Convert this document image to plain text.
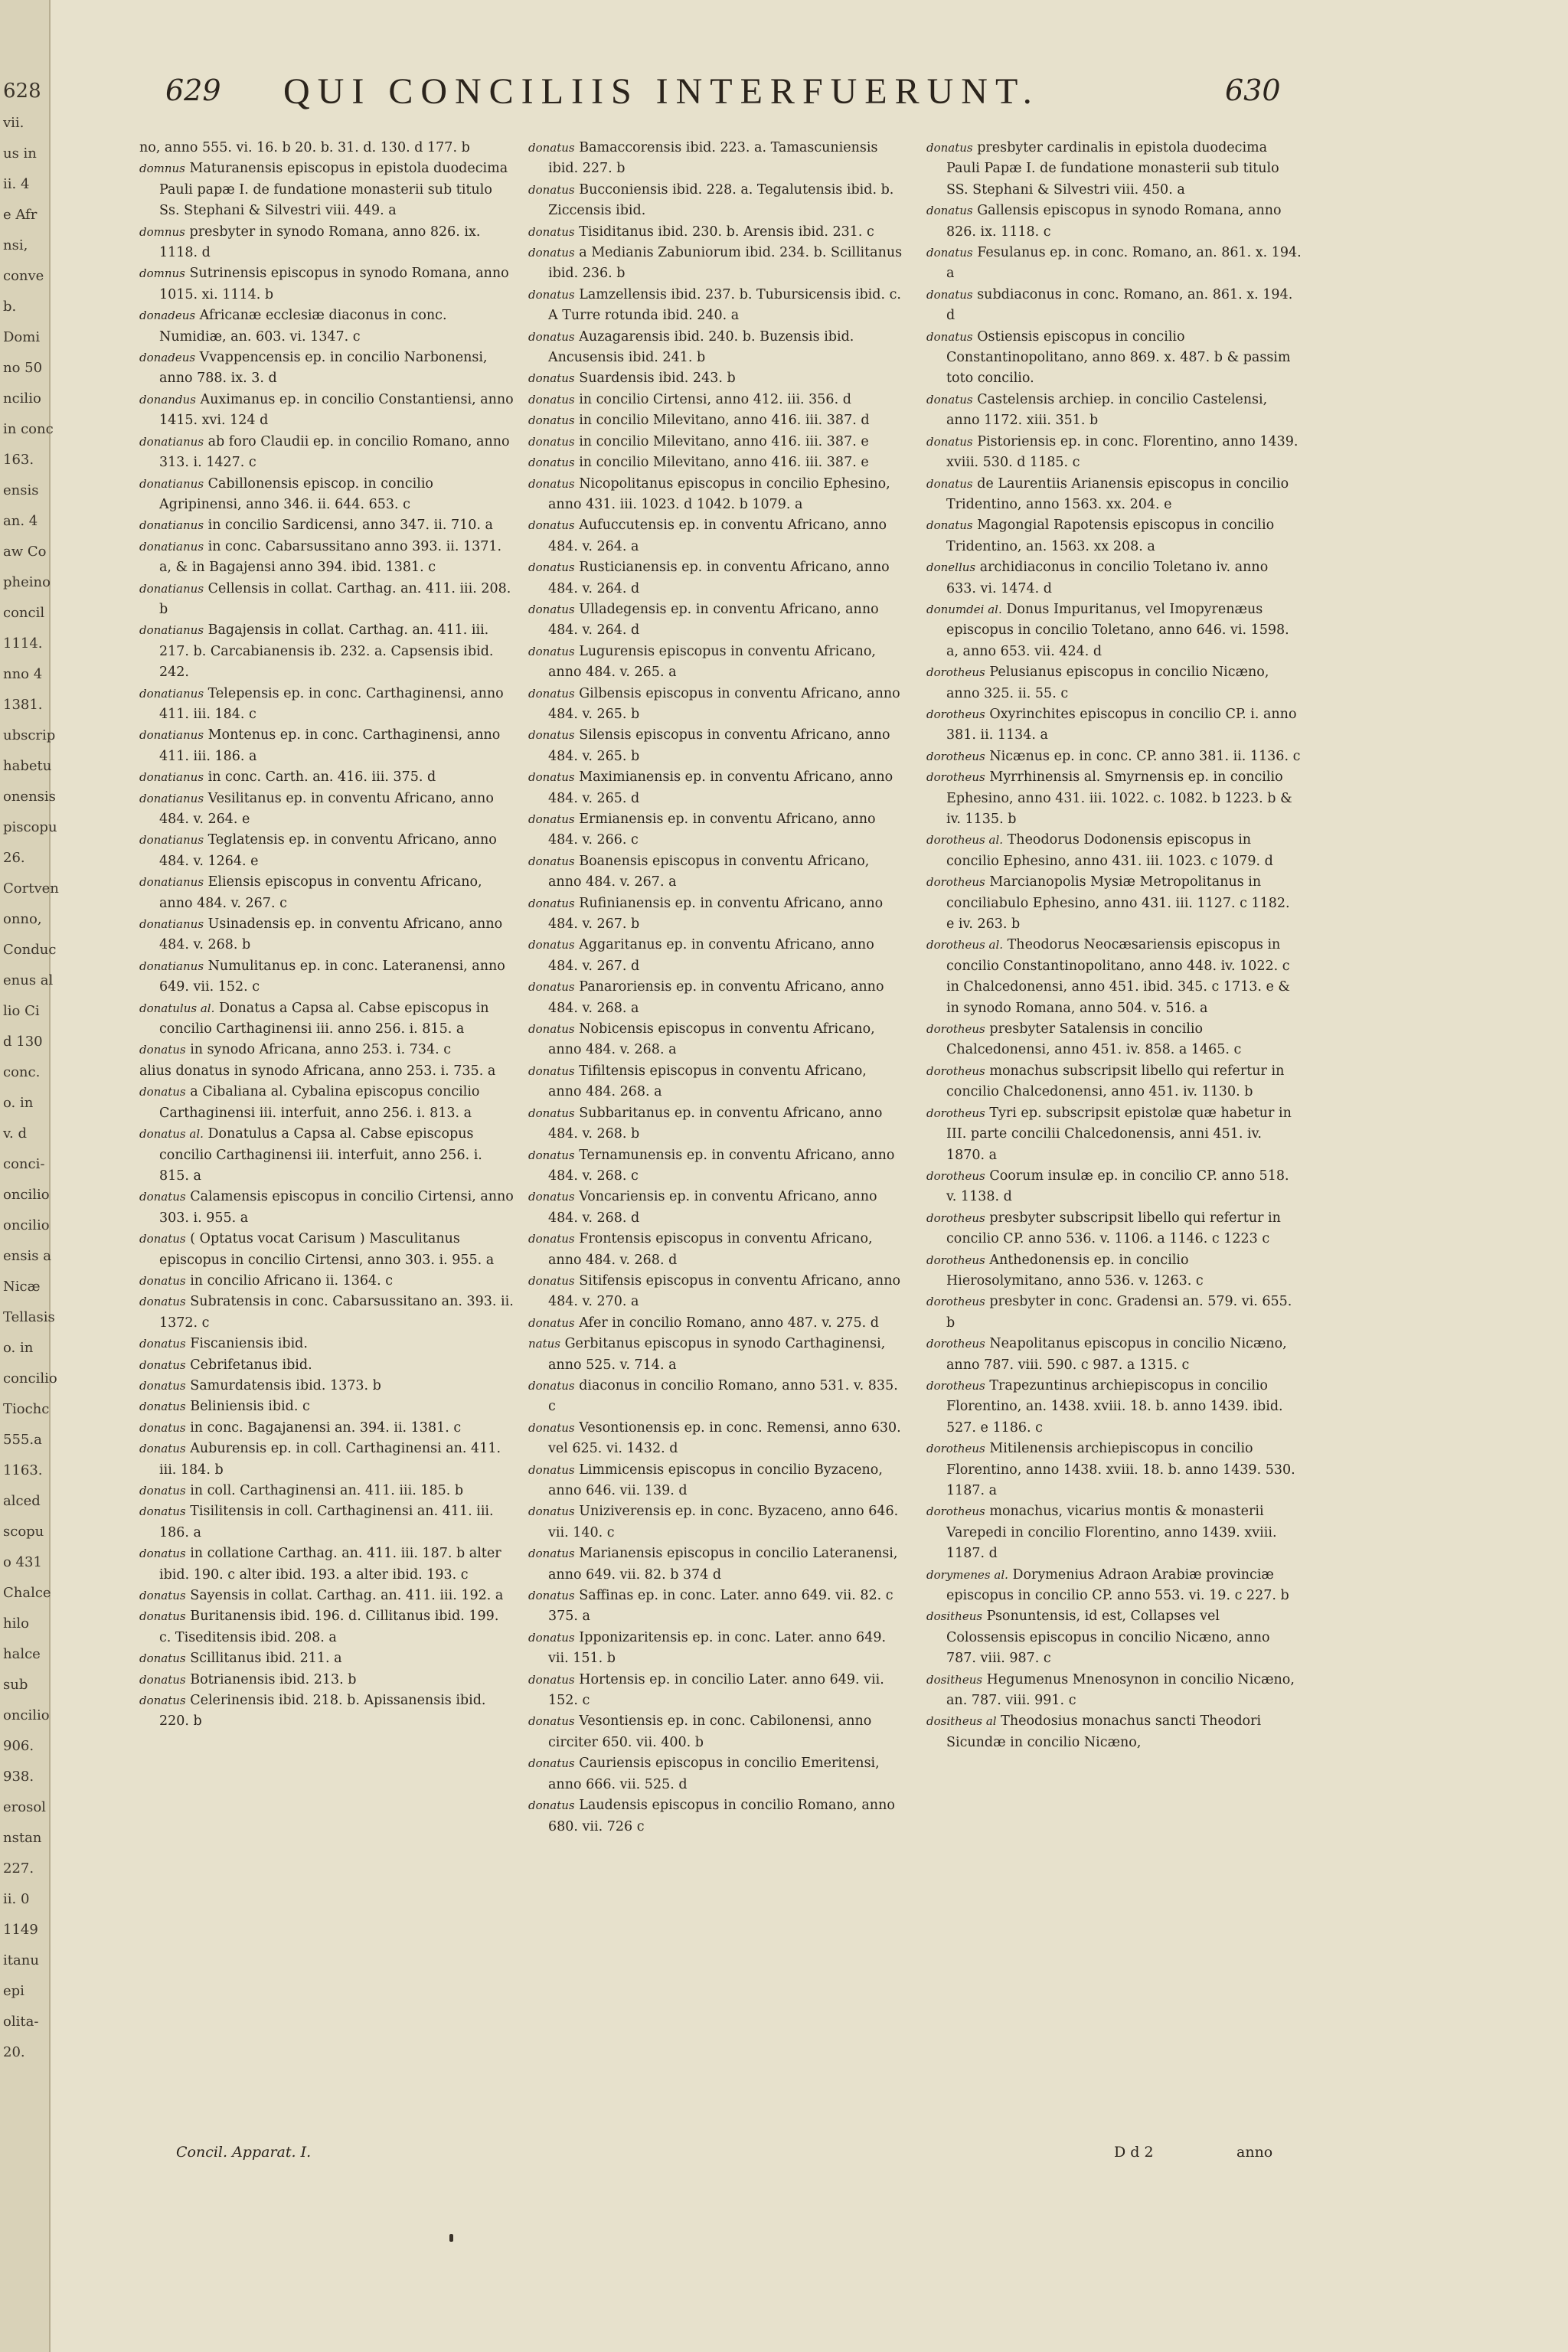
628
vii.
us in
ii. 4
e Afr
nsi,
conve
b.
Domi
no 50
ncilio
in conc
163.
ensis
an. 4
aw Co
pheino
concil
1114.
nno 4
1381.
ubscrip
habetu
onensis
piscopu
26.
Cortven
onno,
Conduc
enus al
lio Ci
d 130
conc.
o. in
v. d
conci-
oncilio
oncilio
ensis a
Nicæ
Tellasis
o. in
concilio
Tiochc
555.a
1163.
alced
scopu
o 431
Chalce
hilo
halce
sub
oncilio
906.
938.
erosol
nstan
227.
ii. 0
1149
itanu
epi
olita-
20.
629 QUI CONCILIIS INTERFUERUNT.	630

no, anno 555. vi. 16. b 20. b. 31. d. 130. d 177. b

domnus Maturanensis episcopus in epistola duodecima Pauli papæ I. de fundatione monasterii sub titulo Ss. Stephani & Silvestri viii. 449. a

domnus presbyter in synodo Romana, anno 826. ix. 1118. d

domnus Sutrinensis episcopus in synodo Romana, anno 1015. xi. 1114. b

donadeus Africanæ ecclesiæ diaconus in conc. Numidiæ, an. 603. vi. 1347. c

donadeus Vvappencensis ep. in concilio Narbonensi, anno 788. ix. 3. d

donandus Auximanus ep. in concilio Constantiensi, anno 1415. xvi. 124 d

donatianus ab foro Claudii ep. in concilio Romano, anno 313. i. 1427. c

donatianus Cabillonensis episcop. in concilio Agripinensi, anno 346. ii. 644. 653. c

donatianus in concilio Sardicensi, anno 347. ii. 710. a

donatianus in conc. Cabarsussitano anno 393. ii. 1371. a, & in Bagajensi anno 394. ibid. 1381. c

donatianus Cellensis in collat. Carthag. an. 411. iii. 208. b

donatianus Bagajensis in collat. Carthag. an. 411. iii. 217. b. Carcabianensis ib. 232. a. Capsensis ibid. 242.

donatianus Telepensis ep. in conc. Carthaginensi, anno 411. iii. 184. c

donatianus Montenus ep. in conc. Carthaginensi, anno 411. iii. 186. a

donatianus in conc. Carth. an. 416. iii. 375. d

donatianus Vesilitanus ep. in conventu Africano, anno 484. v. 264. e

donatianus Teglatensis ep. in conventu Africano, anno 484. v. 1264. e

donatianus Eliensis episcopus in conventu Africano, anno 484. v. 267. c

donatianus Usinadensis ep. in conventu Africano, anno 484. v. 268. b

donatianus Numulitanus ep. in conc. Lateranensi, anno 649. vii. 152. c

donatulus al. Donatus a Capsa al. Cabse episcopus in concilio Carthaginensi iii. anno 256. i. 815. a

donatus in synodo Africana, anno 253. i. 734. c

alius donatus in synodo Africana, anno 253. i. 735. a

donatus a Cibaliana al. Cybalina episcopus concilio Carthaginensi iii. interfuit, anno 256. i. 813. a

donatus al. Donatulus a Capsa al. Cabse episcopus concilio Carthaginensi iii. interfuit, anno 256. i. 815. a

donatus Calamensis episcopus in concilio Cirtensi, anno 303. i. 955. a

donatus ( Optatus vocat Carisum ) Masculitanus episcopus in concilio Cirtensi, anno 303. i. 955. a

donatus in concilio Africano ii. 1364. c

donatus Subratensis in conc. Cabarsussitano an. 393. ii. 1372. c

donatus Fiscaniensis ibid.

donatus Cebrifetanus ibid.

donatus Samurdatensis ibid. 1373. b

donatus Beliniensis ibid. c

donatus in conc. Bagajanensi an. 394. ii. 1381. c

donatus Auburensis ep. in coll. Carthaginensi an. 411. iii. 184. b

donatus in coll. Carthaginensi an. 411. iii. 185. b

donatus Tisilitensis in coll. Carthaginensi an. 411. iii. 186. a

donatus in collatione Carthag. an. 411. iii. 187. b alter ibid. 190. c alter ibid. 193. a alter ibid. 193. c

donatus Sayensis in collat. Carthag. an. 411. iii. 192. a

donatus Buritanensis ibid. 196. d. Cillitanus ibid. 199. c. Tiseditensis ibid. 208. a

donatus Scillitanus ibid. 211. a

donatus Botrianensis ibid. 213. b

donatus Celerinensis ibid. 218. b. Apissanensis ibid. 220. b

donatus Bamaccorensis ibid. 223. a. Tamascuniensis ibid. 227. b

donatus Bucconiensis ibid. 228. a. Tegalutensis ibid. b. Ziccensis ibid.

donatus Tisiditanus ibid. 230. b. Arensis ibid. 231. c

donatus a Medianis Zabuniorum ibid. 234. b. Scillitanus ibid. 236. b

donatus Lamzellensis ibid. 237. b. Tubursicensis ibid. c. A Turre rotunda ibid. 240. a

donatus Auzagarensis ibid. 240. b. Buzensis ibid. Ancusensis ibid. 241. b

donatus Suardensis ibid. 243. b

donatus in concilio Cirtensi, anno 412. iii. 356. d

donatus in concilio Milevitano, anno 416. iii. 387. d

donatus in concilio Milevitano, anno 416. iii. 387. e

donatus in concilio Milevitano, anno 416. iii. 387. e

donatus Nicopolitanus episcopus in concilio Ephesino, anno 431. iii. 1023. d 1042. b 1079. a

donatus Aufuccutensis ep. in conventu Africano, anno 484. v. 264. a

donatus Rusticianensis ep. in conventu Africano, anno 484. v. 264. d

donatus Ulladegensis ep. in conventu Africano, anno 484. v. 264. d

donatus Lugurensis episcopus in conventu Africano, anno 484. v. 265. a

donatus Gilbensis episcopus in conventu Africano, anno 484. v. 265. b

donatus Silensis episcopus in conventu Africano, anno 484. v. 265. b

donatus Maximianensis ep. in conventu Africano, anno 484. v. 265. d

donatus Ermianensis ep. in conventu Africano, anno 484. v. 266. c

donatus Boanensis episcopus in conventu Africano, anno 484. v. 267. a

donatus Rufinianensis ep. in conventu Africano, anno 484. v. 267. b

donatus Aggaritanus ep. in conventu Africano, anno 484. v. 267. d

donatus Panaroriensis ep. in conventu Africano, anno 484. v. 268. a

donatus Nobicensis episcopus in conventu Africano, anno 484. v. 268. a

donatus Tifiltensis episcopus in conventu Africano, anno 484. 268. a

donatus Subbaritanus ep. in conventu Africano, anno 484. v. 268. b

donatus Ternamunensis ep. in conventu Africano, anno 484. v. 268. c

donatus Voncariensis ep. in conventu Africano, anno 484. v. 268. d

donatus Frontensis episcopus in conventu Africano, anno 484. v. 268. d

donatus Sitifensis episcopus in conventu Africano, anno 484. v. 270. a

donatus Afer in concilio Romano, anno 487. v. 275. d

natus Gerbitanus episcopus in synodo Carthaginensi, anno 525. v. 714. a

donatus diaconus in concilio Romano, anno 531. v. 835. c

donatus Vesontionensis ep. in conc. Remensi, anno 630. vel 625. vi. 1432. d

donatus Limmicensis episcopus in concilio Byzaceno, anno 646. vii. 139. d

donatus Uniziverensis ep. in conc. Byzaceno, anno 646. vii. 140. c

donatus Marianensis episcopus in concilio Lateranensi, anno 649. vii. 82. b 374 d

donatus Saffinas ep. in conc. Later. anno 649. vii. 82. c 375. a

donatus Ipponizaritensis ep. in conc. Later. anno 649. vii. 151. b

donatus Hortensis ep. in concilio Later. anno 649. vii. 152. c

donatus Vesontiensis ep. in conc. Cabilonensi, anno circiter 650. vii. 400. b

donatus Cauriensis episcopus in concilio Emeritensi, anno 666. vii. 525. d

donatus Laudensis episcopus in concilio Romano, anno 680. vii. 726 c

donatus presbyter cardinalis in epistola duodecima Pauli Papæ I. de fundatione monasterii sub titulo SS. Stephani & Silvestri viii. 450. a

donatus Gallensis episcopus in synodo Romana, anno 826. ix. 1118. c

donatus Fesulanus ep. in conc. Romano, an. 861. x. 194. a

donatus subdiaconus in conc. Romano, an. 861. x. 194. d

donatus Ostiensis episcopus in concilio Constantinopolitano, anno 869. x. 487. b & passim toto concilio.

donatus Castelensis archiep. in concilio Castelensi, anno 1172. xiii. 351. b

donatus Pistoriensis ep. in conc. Florentino, anno 1439. xviii. 530. d 1185. c

donatus de Laurentiis Arianensis episcopus in concilio Tridentino, anno 1563. xx. 204. e

donatus Magongial Rapotensis episcopus in concilio Tridentino, an. 1563. xx 208. a

donellus archidiaconus in concilio Toletano iv. anno 633. vi. 1474. d

donumdei al. Donus Impuritanus, vel Imopyrenæus episcopus in concilio Toletano, anno 646. vi. 1598. a, anno 653. vii. 424. d

dorotheus Pelusianus episcopus in concilio Nicæno, anno 325. ii. 55. c

dorotheus Oxyrinchites episcopus in concilio CP. i. anno 381. ii. 1134. a

dorotheus Nicænus ep. in conc. CP. anno 381. ii. 1136. c

dorotheus Myrrhinensis al. Smyrnensis ep. in concilio Ephesino, anno 431. iii. 1022. c. 1082. b 1223. b & iv. 1135. b

dorotheus al. Theodorus Dodonensis episcopus in concilio Ephesino, anno 431. iii. 1023. c 1079. d

dorotheus Marcianopolis Mysiæ Metropolitanus in conciliabulo Ephesino, anno 431. iii. 1127. c 1182. e iv. 263. b

dorotheus al. Theodorus Neocæsariensis episcopus in concilio Constantinopolitano, anno 448. iv. 1022. c in Chalcedonensi, anno 451. ibid. 345. c 1713. e & in synodo Romana, anno 504. v. 516. a

dorotheus presbyter Satalensis in concilio Chalcedonensi, anno 451. iv. 858. a 1465. c

dorotheus monachus subscripsit libello qui refertur in concilio Chalcedonensi, anno 451. iv. 1130. b

dorotheus Tyri ep. subscripsit epistolæ quæ habetur in III. parte concilii Chalcedonensis, anni 451. iv. 1870. a

dorotheus Coorum insulæ ep. in concilio CP. anno 518. v. 1138. d

dorotheus presbyter subscripsit libello qui refertur in concilio CP. anno 536. v. 1106. a 1146. c 1223 c

dorotheus Anthedonensis ep. in concilio Hierosolymitano, anno 536. v. 1263. c

dorotheus presbyter in conc. Gradensi an. 579. vi. 655. b

dorotheus Neapolitanus episcopus in concilio Nicæno, anno 787. viii. 590. c 987. a 1315. c

dorotheus Trapezuntinus archiepiscopus in concilio Florentino, an. 1438. xviii. 18. b. anno 1439. ibid. 527. e 1186. c

dorotheus Mitilenensis archiepiscopus in concilio Florentino, anno 1438. xviii. 18. b. anno 1439. 530. 1187. a

dorotheus monachus, vicarius montis & monasterii Varepedi in concilio Florentino, anno 1439. xviii. 1187. d

dorymenes al. Dorymenius Adraon Arabiæ provinciæ episcopus in concilio CP. anno 553. vi. 19. c 227. b

dositheus Psonuntensis, id est, Collapses vel Colossensis episcopus in concilio Nicæno, anno 787. viii. 987. c

dositheus Hegumenus Mnenosynon in concilio Nicæno, an. 787. viii. 991. c

dositheus al Theodosius monachus sancti Theodori Sicundæ in concilio Nicæno,

Concil. Apparat. I.	D d 2	anno
